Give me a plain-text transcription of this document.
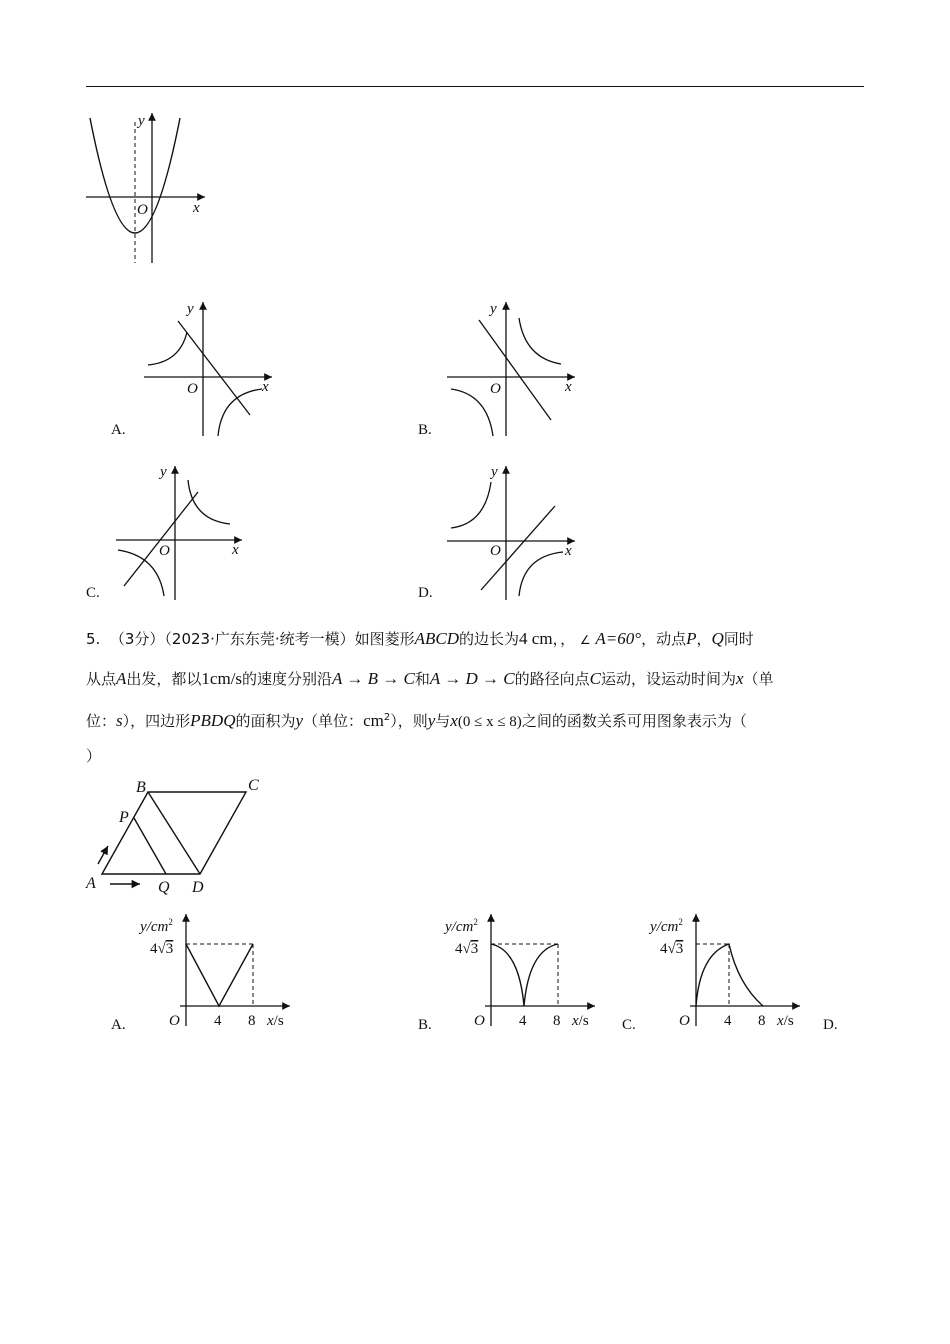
y
O	x
y
O	x
A.
y
O	x
B.
y
O	x
C.
y
O	x
D.
5. （3分）（2023·广东东莞·统考一模）如图菱形ABCD的边长为4 cm，， ∠ A=60°，动点P，Q同时
从点A出发，都以1cm/s的速度分别沿A → B → C和A → D → C的路径向点C运动，设运动时间为x（单
位：s），四边形PBDQ的面积为y（单位：$cm^2$），则y与x(0 ≤ x ≤ 8)之间的函数关系可用图象表示为（
）
B	C
P
A	Q D
$y/cm^2$
4√3
O 4 8 x/s
A.
$y/cm^2$
4√3
O 4 8 x/s
B.
$y/cm^2$
4√3
O 4 8 x/s
C.	D.
